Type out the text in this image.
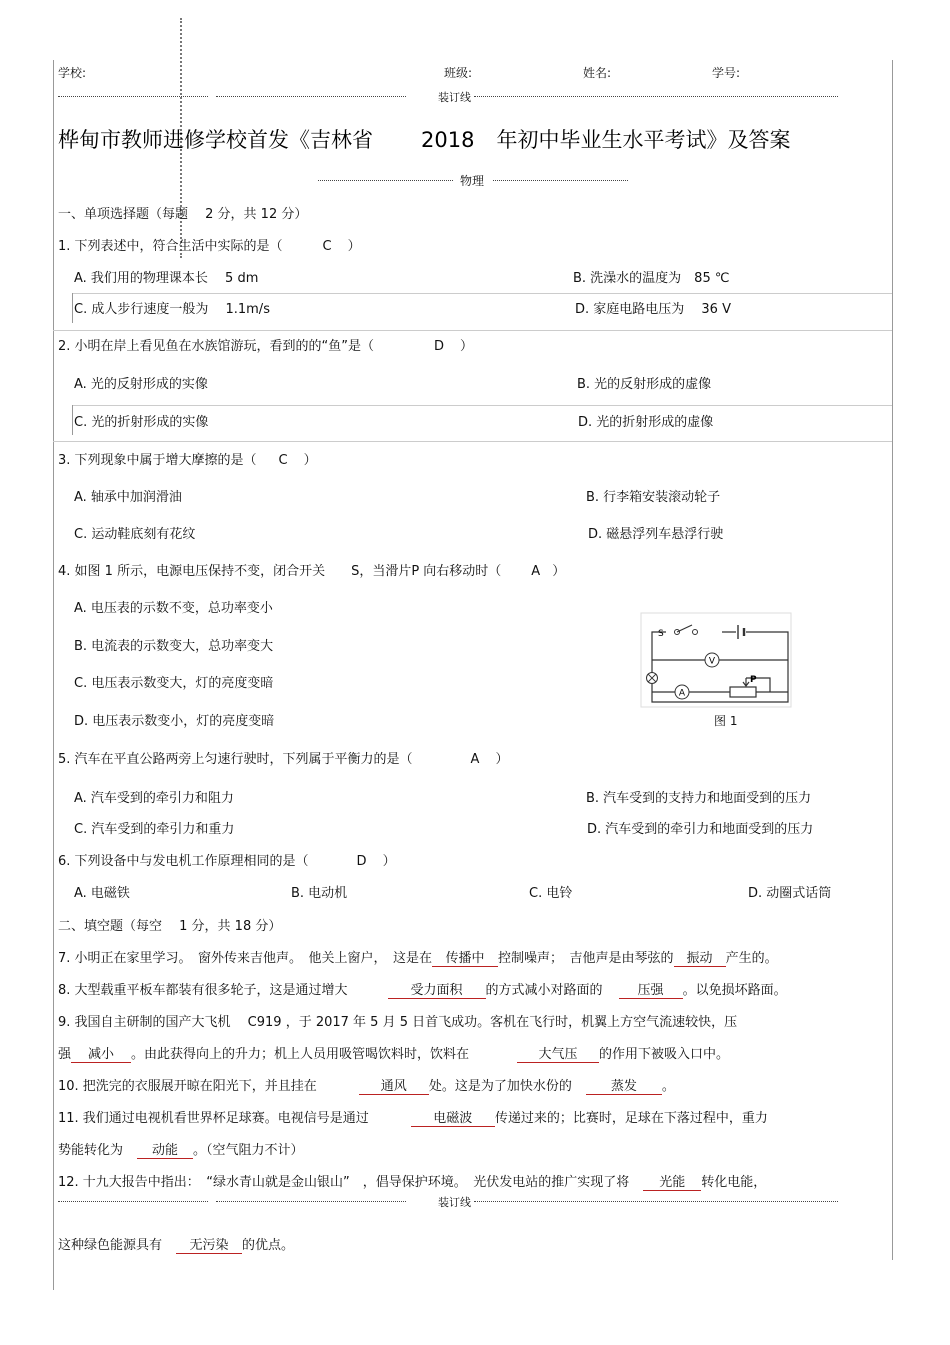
学校:	班级:	姓名:	学号:
装订线
桦甸市教师进修学校首发《吉林省 2018 年初中毕业生水平考试》及答案
物理
一、单项选择题（每题　 2 分，共 12 分）
1. 下列表述中，符合生活中实际的是（	C ）
A. 我们用的物理课本长　 5 dm	B. 洗澡水的温度为　85 ℃
C. 成人步行速度一般为　 1.1m/s	D. 家庭电路电压为　 36 V
2. 小明在岸上看见鱼在水族馆游玩，看到的的“鱼”是（	D ）
A. 光的反射形成的实像	B. 光的反射形成的虚像
C. 光的折射形成的实像	D. 光的折射形成的虚像
3. 下列现象中属于增大摩擦的是（ C ）
A. 轴承中加润滑油	B. 行李箱安装滚动轮子
C. 运动鞋底刻有花纹	D. 磁悬浮列车悬浮行驶
4. 如图 1 所示，电源电压保持不变，闭合开关　　S，当滑片P 向右移动时（ A ）
A. 电压表的示数不变，总功率变小
B. 电流表的示数变大，总功率变大
C. 电压表示数变大，灯的亮度变暗
D. 电压表示数变小，灯的亮度变暗
S
V
A
P
图 1
5. 汽车在平直公路两旁上匀速行驶时，下列属于平衡力的是（	A ）
A. 汽车受到的牵引力和阻力	B. 汽车受到的支持力和地面受到的压力
C. 汽车受到的牵引力和重力	D. 汽车受到的牵引力和地面受到的压力
6. 下列设备中与发电机工作原理相同的是（	D ）
A. 电磁铁	B. 电动机	C. 电铃	D. 动圈式话筒
二、填空题（每空　 1 分，共 18 分）
7. 小明正在家里学习。　窗外传来吉他声。　他关上窗户，　这是在 传播中 控制噪声；　吉他声是由琴弦的 振动 产生的。
8. 大型载重平板车都装有很多轮子，这是通过增大	受力面积 的方式减小对路面的	压强 。以免损坏路面。
9. 我国自主研制的国产大飞机　 C919 ，于 2017 年 5 月 5 日首飞成功。客机在飞行时，机翼上方空气流速较快，压
强 减小 。由此获得向上的升力；机上人员用吸管喝饮料时，饮料在	大气压 的作用下被吸入口中。
10. 把洗完的衣服展开晾在阳光下，并且挂在	通风 处。这是为了加快水份的	蒸发 。
11. 我们通过电视机看世界杯足球赛。电视信号是通过	电磁波 传递过来的；比赛时，足球在下落过程中，重力
势能转化为 动能 。（空气阻力不计）
12. 十九大报告中指出：　“绿水青山就是金山银山”　，倡导保护环境。　光伏发电站的推广实现了将 光能 转化电能，
装订线
这种绿色能源具有 无污染 的优点。
